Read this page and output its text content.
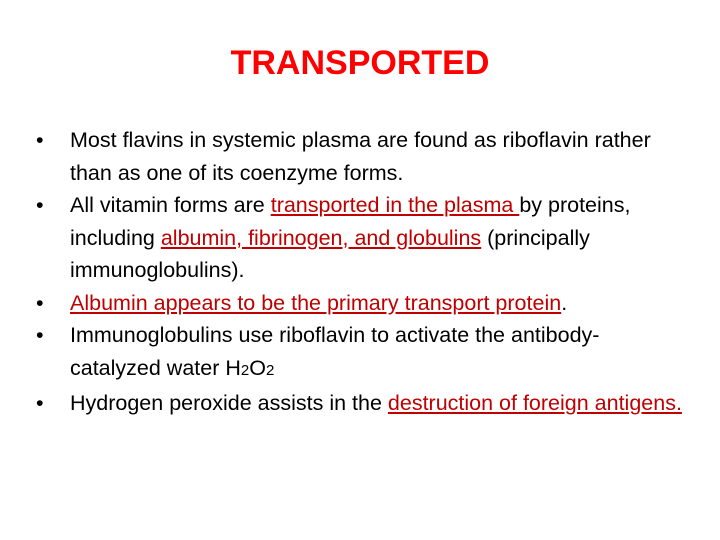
TRANSPORTED
• Most flavins in systemic plasma are found as riboflavin rather than as one of its coenzyme forms.
• All vitamin forms are transported in the plasma by proteins, including albumin, fibrinogen, and globulins (principally immunoglobulins).
• Albumin appears to be the primary transport protein.
• Immunoglobulins use riboflavin to activate the antibody-catalyzed water H2O2
• Hydrogen peroxide assists in the destruction of foreign antigens.
